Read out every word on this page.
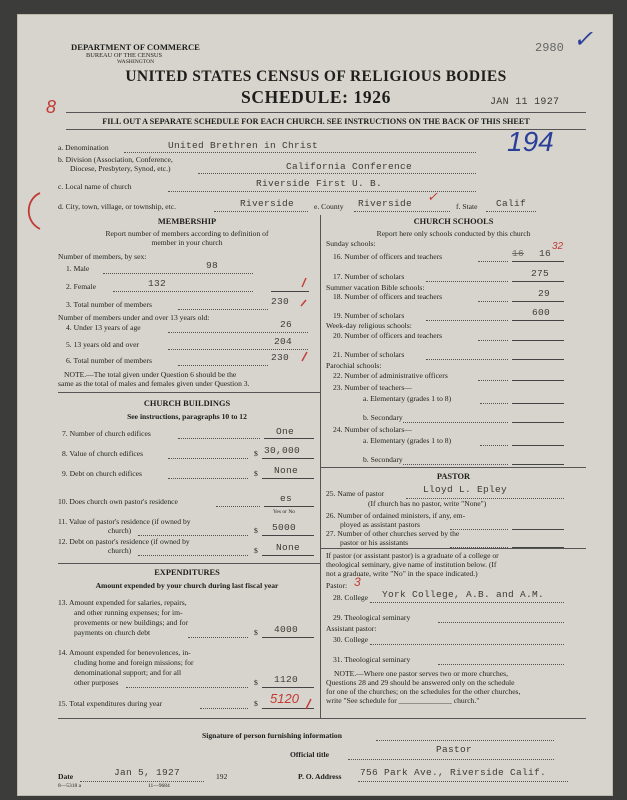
DEPARTMENT OF COMMERCE
BUREAU OF THE CENSUS
WASHINGTON
2980 ✓
UNITED STATES CENSUS OF RELIGIOUS BODIES
SCHEDULE: 1926	JAN 11 1927
8
FILL OUT A SEPARATE SCHEDULE FOR EACH CHURCH. SEE INSTRUCTIONS ON THE BACK OF THIS SHEET
a. Denomination	United Brethren in Christ	194
b. Division (Association, Conference,
Diocese, Presbytery, Synod, etc.)	California Conference
c. Local name of church	Riverside First U. B.
d. City, town, village, or township, etc.	Riverside	e. County Riverside ✓
f. State Calif
MEMBERSHIP
Report number of members according to definition of
member in your church
Number of members, by sex:
1. Male	98
2. Female	132
3. Total number of members	230
Number of members under and over 13 years old:
4. Under 13 years of age	26
5. 13 years old and over	204
6. Total number of members	230
NOTE.—The total given under Question 6 should be the
same as the total of males and females given under Question 3.
CHURCH BUILDINGS
See instructions, paragraphs 10 to 12
7. Number of church edifices	One
8. Value of church edifices	$ 30,000
9. Debt on church edifices	$ None
10. Does church own pastor's residence	es
Yes or No
11. Value of pastor's residence (if owned by
church)	$ 5000
12. Debt on pastor's residence (if owned by
church)	$ None
EXPENDITURES
Amount expended by your church during last fiscal year
13. Amount expended for salaries, repairs,
and other running expenses; for im-
provements or new buildings; and for
payments on church debt	$ 4000
14. Amount expended for benevolences, in-
cluding home and foreign missions; for
denominational support; and for all
other purposes	$ 1120
15. Total expenditures during year	$ 5120
CHURCH SCHOOLS
Report here only schools conducted by this church
Sunday schools:
16. Number of officers and teachers	16 16
32
17. Number of scholars	275
Summer vacation Bible schools:
18. Number of officers and teachers	29
19. Number of scholars	600
Week-day religious schools:
20. Number of officers and teachers
21. Number of scholars
Parochial schools:
22. Number of administrative officers
23. Number of teachers—
a. Elementary (grades 1 to 8)
b. Secondary
24. Number of scholars—
a. Elementary (grades 1 to 8)
b. Secondary
PASTOR
25. Name of pastor	Lloyd L. Epley
(If church has no pastor, write "None")
26. Number of ordained ministers, if any, em-
ployed as assistant pastors
27. Number of other churches served by the
pastor or his assistants
If pastor (or assistant pastor) is a graduate of a college or
theological seminary, give name of institution below. (If
not a graduate, write "No" in the space indicated.)
Pastor: 3
28. College York College, A.B. and A.M.
29. Theological seminary
Assistant pastor:
30. College
31. Theological seminary
NOTE.—Where one pastor serves two or more churches,
Questions 28 and 29 should be answered only on the schedule
for one of the churches; on the schedules for the other churches,
write "See schedule for ______________ church."
Signature of person furnishing information
Official title	Pastor
Date	Jan 5, 1927	192	P. O. Address 756 Park Ave., Riverside Calif.
8—5318 a	11—9684
